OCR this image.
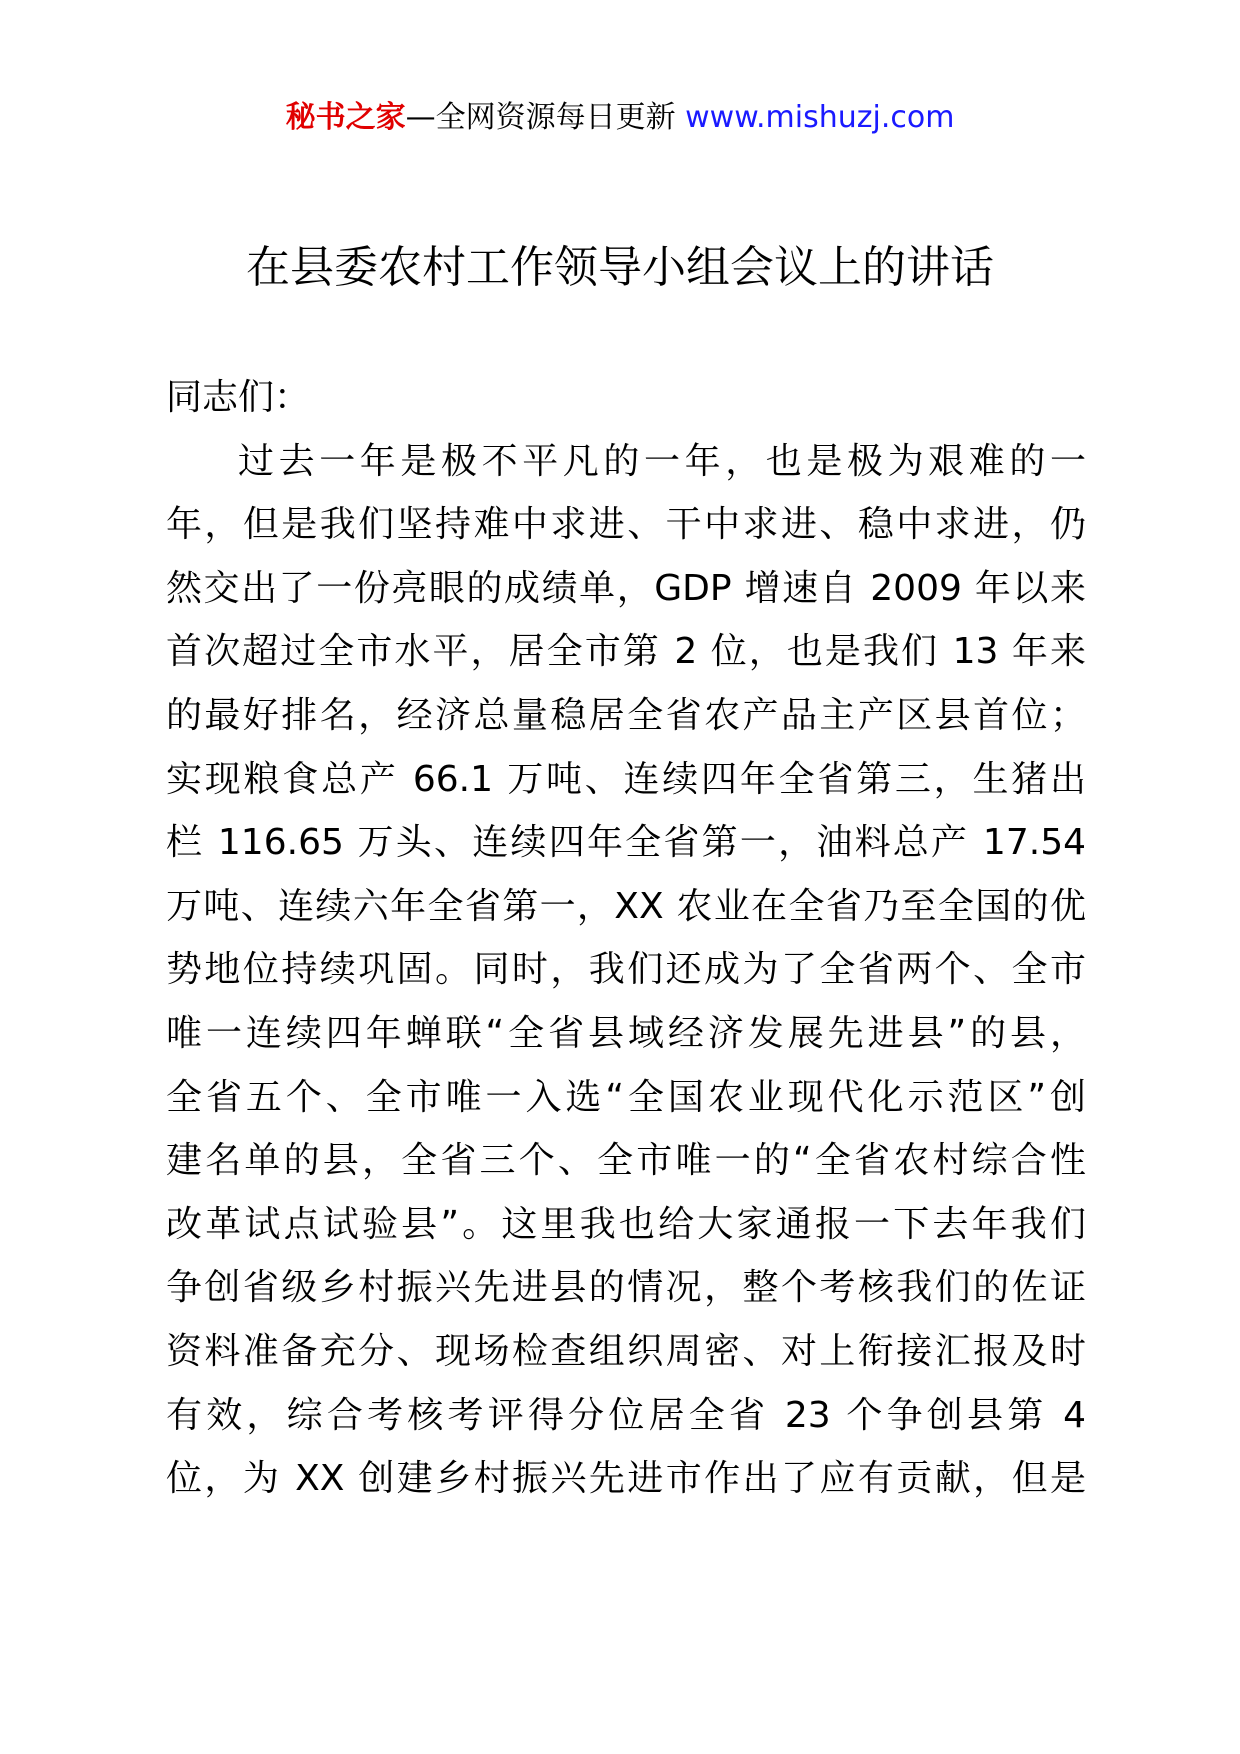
秘书之家—全网资源每日更新 www.mishuzj.com
在县委农村工作领导小组会议上的讲话
同志们：
过去一年是极不平凡的一年，也是极为艰难的一
年，但是我们坚持难中求进、干中求进、稳中求进，仍
然交出了一份亮眼的成绩单，GDP 增速自 2009 年以来
首次超过全市水平，居全市第 2 位，也是我们 13 年来
的最好排名，经济总量稳居全省农产品主产区县首位；
实现粮食总产 66.1 万吨、连续四年全省第三，生猪出
栏 116.65 万头、连续四年全省第一，油料总产 17.54
万吨、连续六年全省第一，XX 农业在全省乃至全国的优
势地位持续巩固。同时，我们还成为了全省两个、全市
唯一连续四年蝉联“全省县域经济发展先进县”的县，
全省五个、全市唯一入选“全国农业现代化示范区”创
建名单的县，全省三个、全市唯一的“全省农村综合性
改革试点试验县”。这里我也给大家通报一下去年我们
争创省级乡村振兴先进县的情况，整个考核我们的佐证
资料准备充分、现场检查组织周密、对上衔接汇报及时
有效，综合考核考评得分位居全省 23 个争创县第 4
位，为 XX 创建乡村振兴先进市作出了应有贡献，但是
